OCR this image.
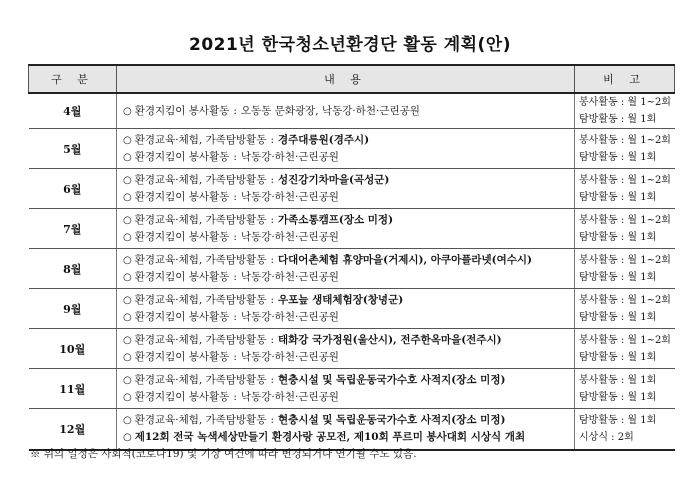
2021년 한국청소년환경단 활동 계획(안)
구 분	내 용	비 고
4월	○ 환경지킴이 봉사활동 : 오동동 문화광장, 낙동강·하천·근린공원	봉사활동 : 월 1~2회
탐방활동 : 월 1회

5월	○ 환경교육·체험, 가족탐방활동 : 경주대릉원(경주시)
○ 환경지킴이 봉사활동 : 낙동강·하천·근린공원	봉사활동 : 월 1~2회
탐방활동 : 월 1회

6월	○ 환경교육·체험, 가족탐방활동 : 성진강기차마을(곡성군)
○ 환경지킴이 봉사활동 : 낙동강·하천·근린공원	봉사활동 : 월 1~2회
탐방활동 : 월 1회

7월	○ 환경교육·체험, 가족탐방활동 : 가족소통캠프(장소 미정)
○ 환경지킴이 봉사활동 : 낙동강·하천·근린공원	봉사활동 : 월 1~2회
탐방활동 : 월 1회

8월	○ 환경교육·체험, 가족탐방활동 : 다대어촌체험 휴양마을(거제시), 아쿠아플라넷(여수시)
○ 환경지킴이 봉사활동 : 낙동강·하천·근린공원	봉사활동 : 월 1~2회
탐방활동 : 월 1회

9월	○ 환경교육·체험, 가족탐방활동 : 우포늪 생태체험장(창녕군)
○ 환경지킴이 봉사활동 : 낙동강·하천·근린공원	봉사활동 : 월 1~2회
탐방활동 : 월 1회

10월	○ 환경교육·체험, 가족탐방활동 : 태화강 국가정원(울산시), 전주한옥마을(전주시)
○ 환경지킴이 봉사활동 : 낙동강·하천·근린공원	봉사활동 : 월 1~2회
탐방활동 : 월 1회

11월	○ 환경교육·체험, 가족탐방활동 : 현충시설 및 독립운동국가수호 사적지(장소 미정)
○ 환경지킴이 봉사활동 : 낙동강·하천·근린공원	봉사활동 : 월 1회
탐방활동 : 월 1회

12월	○ 환경교육·체험, 가족탐방활동 : 현충시설 및 독립운동국가수호 사적지(장소 미정)
○ 제12회 전국 녹색세상만들기 환경사랑 공모전, 제10회 푸르미 봉사대회 시상식 개최	탐방활동 : 월 1회
시상식 : 2회
※ 위의 일정은 사회적(코로나19) 및 기상 여건에 따라 변경되거나 연기될 수도 있음.
